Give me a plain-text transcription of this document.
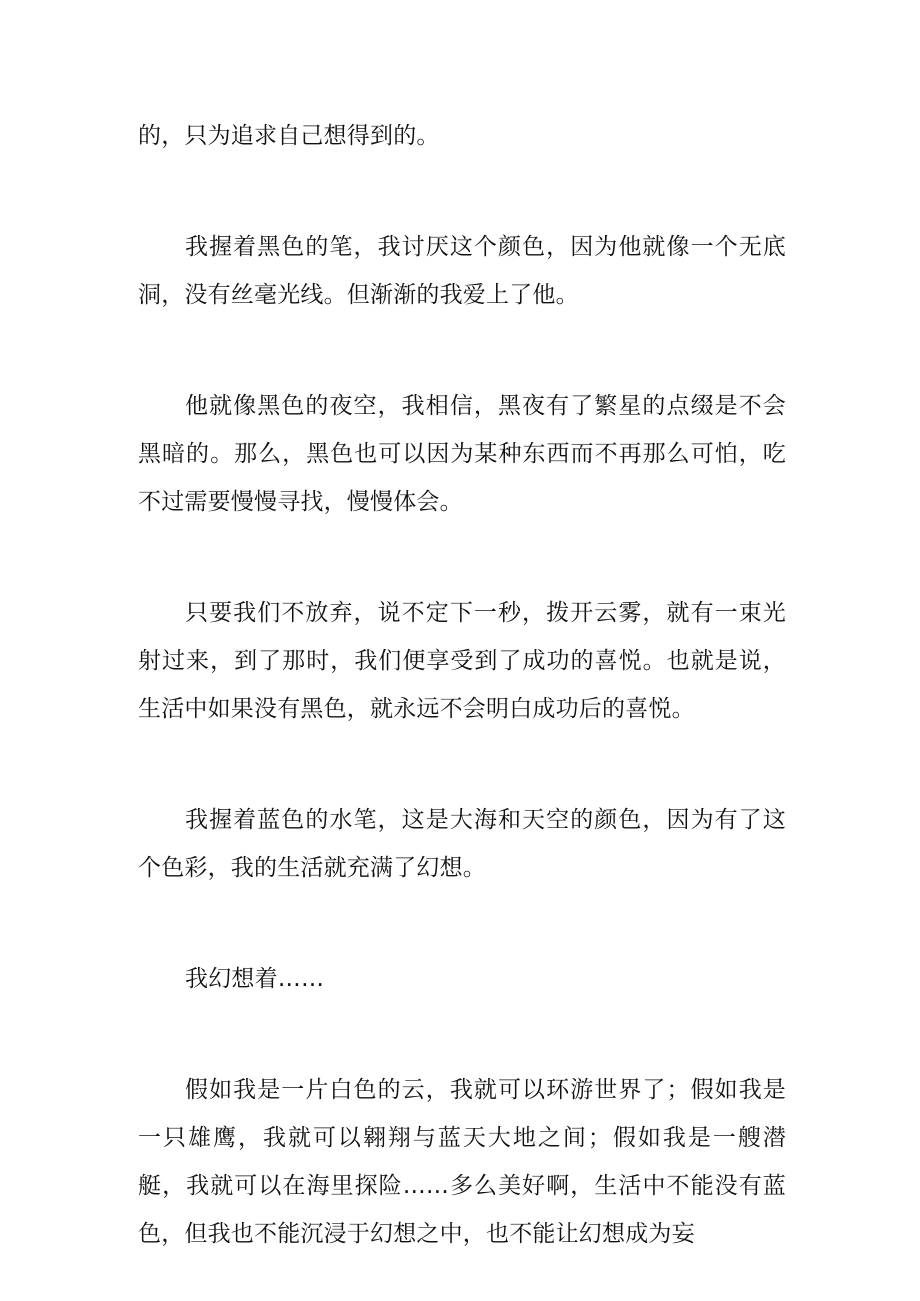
的，只为追求自己想得到的。

我握着黑色的笔，我讨厌这个颜色，因为他就像一个无底洞，没有丝毫光线。但渐渐的我爱上了他。

他就像黑色的夜空，我相信，黑夜有了繁星的点缀是不会黑暗的。那么，黑色也可以因为某种东西而不再那么可怕，吃不过需要慢慢寻找，慢慢体会。

只要我们不放弃，说不定下一秒，拨开云雾，就有一束光射过来，到了那时，我们便享受到了成功的喜悦。也就是说，生活中如果没有黑色，就永远不会明白成功后的喜悦。

我握着蓝色的水笔，这是大海和天空的颜色，因为有了这个色彩，我的生活就充满了幻想。

我幻想着……

假如我是一片白色的云，我就可以环游世界了；假如我是一只雄鹰，我就可以翱翔与蓝天大地之间；假如我是一艘潜艇，我就可以在海里探险……多么美好啊，生活中不能没有蓝色，但我也不能沉浸于幻想之中，也不能让幻想成为妄
